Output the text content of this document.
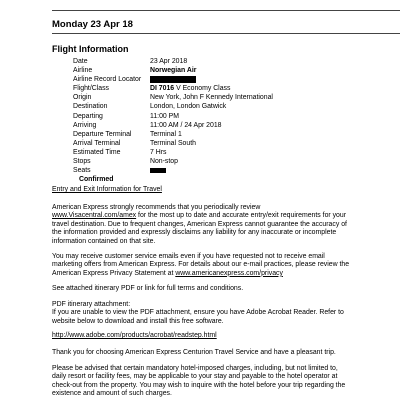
Monday 23 Apr 18
Flight Information
Date	23 Apr 2018
Airline	Norwegian Air
Airline Record Locator
Flight/Class	DI 7016 V Economy Class
Origin	New York, John F Kennedy International
Destination	London, London Gatwick
Departing	11:00 PM
Arriving	11:00 AM / 24 Apr 2018
Departure Terminal	Terminal 1
Arrival Terminal	Terminal South
Estimated Time	7 Hrs
Stops	Non-stop
Seats
Confirmed
Entry and Exit Information for Travel
American Express strongly recommends that you periodically review
www.Visacentral.com/amex for the most up to date and accurate entry/exit requirements for your
travel destination. Due to frequent changes, American Express cannot guarantee the accuracy of
the information provided and expressly disclaims any liability for any inaccurate or incomplete
information contained on that site.
You may receive customer service emails even if you have requested not to receive email
marketing offers from American Express. For details about our e-mail practices, please review the
American Express Privacy Statement at www.americanexpress.com/privacy
See attached itinerary PDF or link for full terms and conditions.
PDF itinerary attachment:
If you are unable to view the PDF attachment, ensure you have Adobe Acrobat Reader. Refer to
website below to download and install this free software.
http://www.adobe.com/products/acrobat/readstep.html
Thank you for choosing American Express Centurion Travel Service and have a pleasant trip.
Please be advised that certain mandatory hotel-imposed charges, including, but not limited to,
daily resort or facility fees, may be applicable to your stay and payable to the hotel operator at
check-out from the property. You may wish to inquire with the hotel before your trip regarding the
existence and amount of such charges.
